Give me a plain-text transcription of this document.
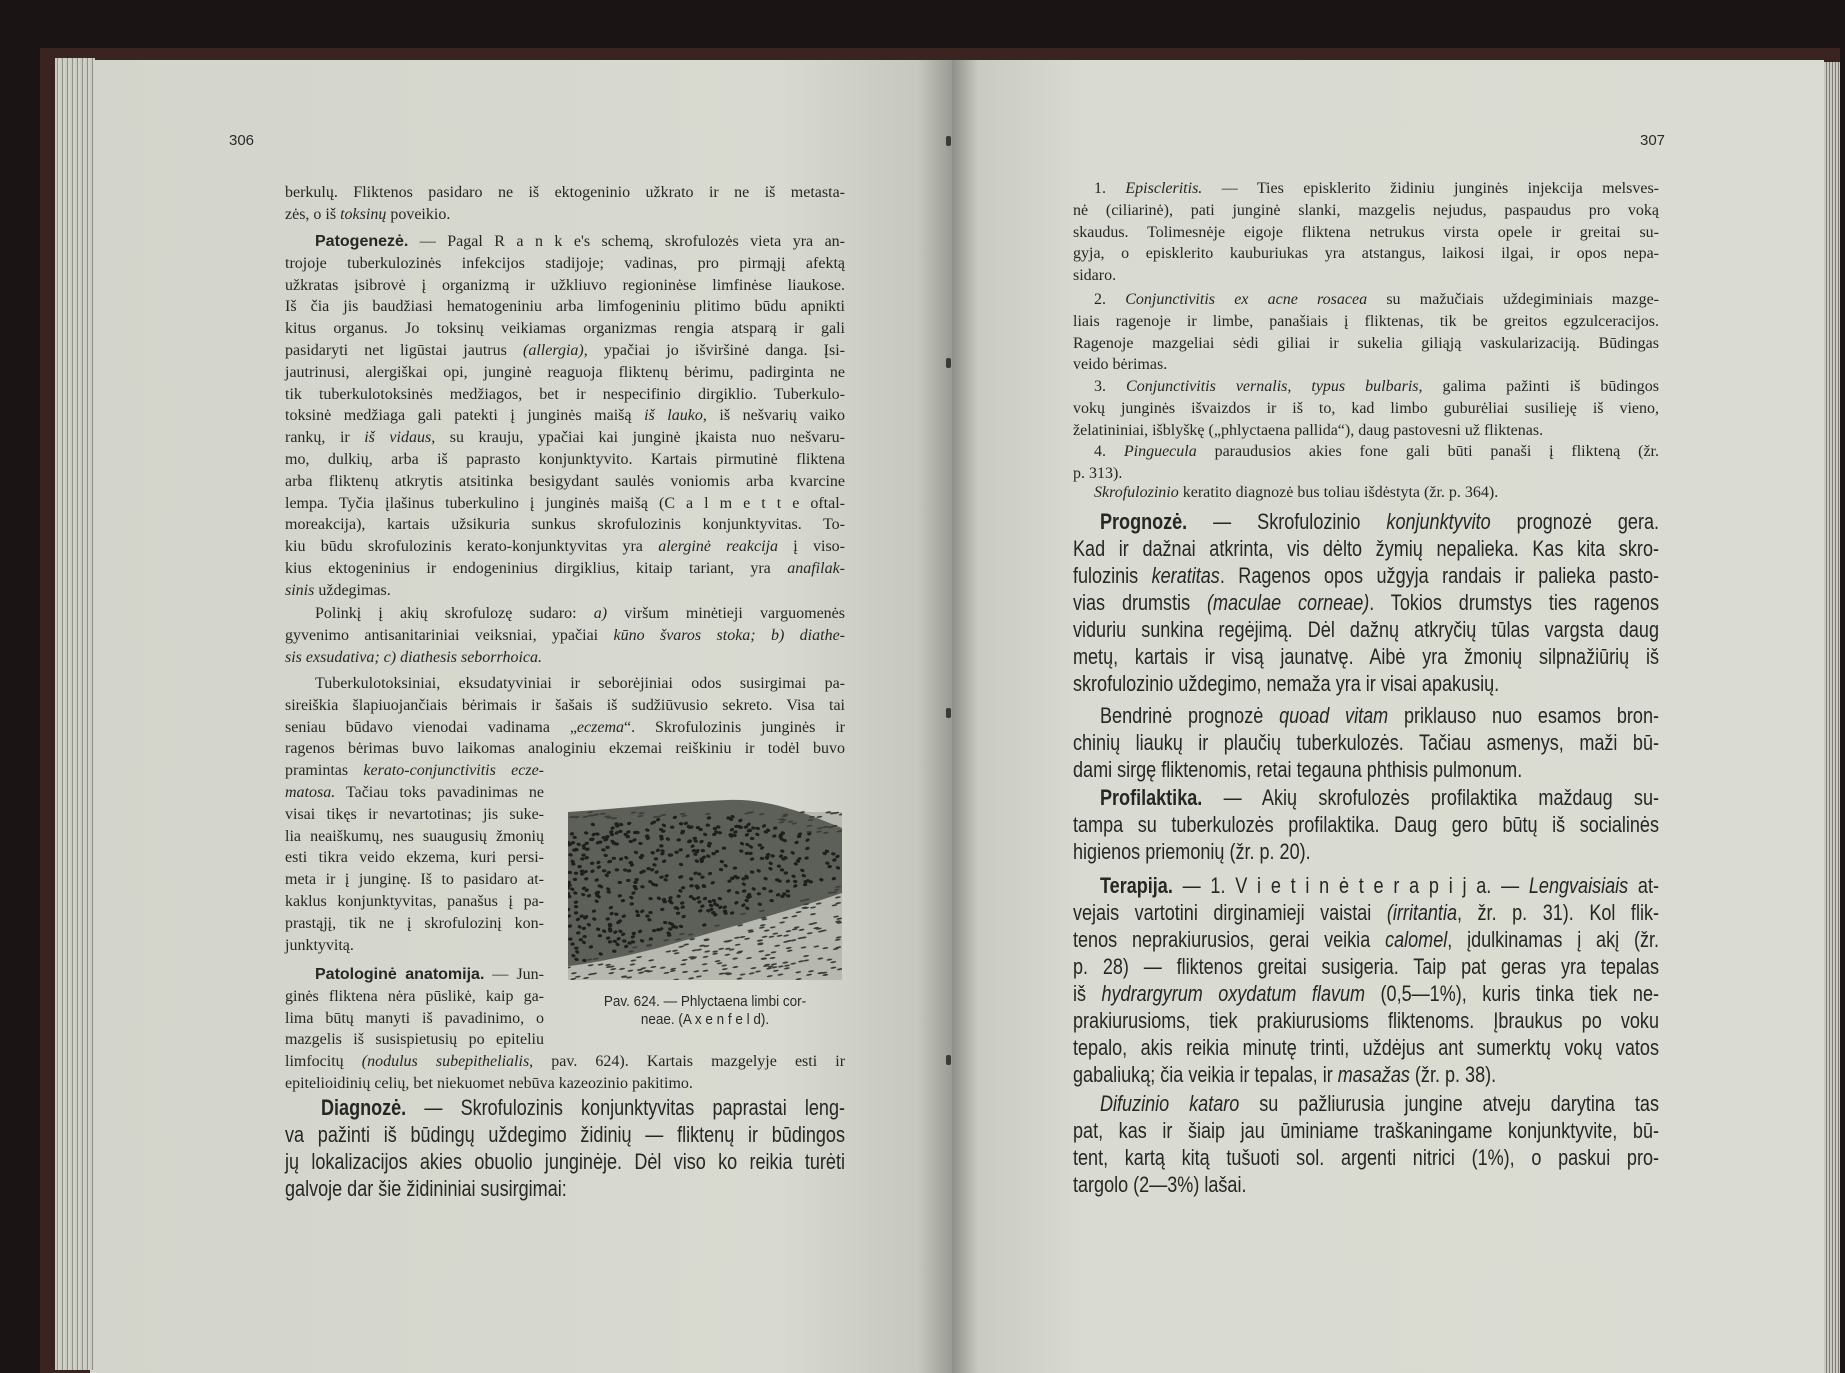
306	307
berkulų. Fliktenos pasidaro ne iš ektogeninio užkrato ir ne iš metasta-
zės, o iš toksinų poveikio.
Patogenezė. — Pagal R a n k e's schemą, skrofulozės vieta yra an-
trojoje tuberkulozinės infekcijos stadijoje; vadinas, pro pirmąjį afektą
užkratas įsibrovė į organizmą ir užkliuvo regioninėse limfinėse liaukose.
Iš čia jis baudžiasi hematogeniniu arba limfogeniniu plitimo būdu apnikti
kitus organus. Jo toksinų veikiamas organizmas rengia atsparą ir gali
pasidaryti net ligūstai jautrus (allergia), ypačiai jo išviršinė danga. Įsi-
jautrinusi, alergiškai opi, junginė reaguoja fliktenų bėrimu, padirginta ne
tik tuberkulotoksinės medžiagos, bet ir nespecifinio dirgiklio. Tuberkulo-
toksinė medžiaga gali patekti į junginės maišą iš lauko, iš nešvarių vaiko
rankų, ir iš vidaus, su krauju, ypačiai kai junginė įkaista nuo nešvaru-
mo, dulkių, arba iš paprasto konjunktyvito. Kartais pirmutinė fliktena
arba fliktenų atkrytis atsitinka besigydant saulės voniomis arba kvarcine
lempa. Tyčia įlašinus tuberkulino į junginės maišą (C a l m e t t e oftal-
moreakcija), kartais užsikuria sunkus skrofulozinis konjunktyvitas. To-
kiu būdu skrofulozinis kerato-konjunktyvitas yra alerginė reakcija į viso-
kius ektogeninius ir endogeninius dirgiklius, kitaip tariant, yra anafilak-
sinis uždegimas.
Polinkį į akių skrofulozę sudaro: a) viršum minėtieji varguomenės
gyvenimo antisanitariniai veiksniai, ypačiai kūno švaros stoka; b) diathe-
sis exsudativa; c) diathesis seborrhoica.
Tuberkulotoksiniai, eksudatyviniai ir seborėjiniai odos susirgimai pa-
sireiškia šlapiuojančiais bėrimais ir šašais iš sudžiūvusio sekreto. Visa tai
seniau būdavo vienodai vadinama „eczema“. Skrofulozinis junginės ir
ragenos bėrimas buvo laikomas analoginiu ekzemai reiškiniu ir todėl buvo
pramintas kerato-conjunctivitis ecze-
matosa. Tačiau toks pavadinimas ne
visai tikęs ir nevartotinas; jis suke-
lia neaiškumų, nes suaugusių žmonių
esti tikra veido ekzema, kuri persi-
meta ir į junginę. Iš to pasidaro at-
kaklus konjunktyvitas, panašus į pa-
prastąjį, tik ne į skrofulozinį kon-
junktyvitą.
Patologinė anatomija. — Jun-
ginės fliktena nėra pūslikė, kaip ga-
lima būtų manyti iš pavadinimo, o
mazgelis iš susispietusių po epiteliu
limfocitų (nodulus subepithelialis, pav. 624). Kartais mazgelyje esti ir
epitelioidinių celių, bet niekuomet nebūva kazeozinio pakitimo.
Diagnozė. — Skrofulozinis konjunktyvitas paprastai leng-
va pažinti iš būdingų uždegimo židinių — fliktenų ir būdingos
jų lokalizacijos akies obuolio junginėje. Dėl viso ko reikia turėti
galvoje dar šie židininiai susirgimai:
1. Episcleritis. — Ties episklerito židiniu junginės injekcija melsves-
nė (ciliarinė), pati junginė slanki, mazgelis nejudus, paspaudus pro voką
skaudus. Tolimesnėje eigoje fliktena netrukus virsta opele ir greitai su-
gyja, o episklerito kauburiukas yra atstangus, laikosi ilgai, ir opos nepa-
sidaro.
2. Conjunctivitis ex acne rosacea su mažučiais uždegiminiais mazge-
liais ragenoje ir limbe, panašiais į fliktenas, tik be greitos egzulceracijos.
Ragenoje mazgeliai sėdi giliai ir sukelia giliąją vaskularizaciją. Būdingas
veido bėrimas.
3. Conjunctivitis vernalis, typus bulbaris, galima pažinti iš būdingos
vokų junginės išvaizdos ir iš to, kad limbo guburėliai susilieję iš vieno,
želatininiai, išblyškę („phlyctaena pallida“), daug pastovesni už fliktenas.
4. Pinguecula paraudusios akies fone gali būti panaši į flikteną (žr.
p. 313).
Skrofulozinio keratito diagnozė bus toliau išdėstyta (žr. p. 364).
Prognozė. — Skrofulozinio konjunktyvito prognozė gera.
Kad ir dažnai atkrinta, vis dėlto žymių nepalieka. Kas kita skro-
fulozinis keratitas. Ragenos opos užgyja randais ir palieka pasto-
vias drumstis (maculae corneae). Tokios drumstys ties ragenos
viduriu sunkina regėjimą. Dėl dažnų atkryčių tūlas vargsta daug
metų, kartais ir visą jaunatvę. Aibė yra žmonių silpnažiūrių iš
skrofulozinio uždegimo, nemaža yra ir visai apakusių.
Bendrinė prognozė quoad vitam priklauso nuo esamos bron-
chinių liaukų ir plaučių tuberkulozės. Tačiau asmenys, maži bū-
dami sirgę fliktenomis, retai tegauna phthisis pulmonum.
Profilaktika. — Akių skrofulozės profilaktika maždaug su-
tampa su tuberkulozės profilaktika. Daug gero būtų iš socialinės
higienos priemonių (žr. p. 20).
Terapija. — 1. V i e t i n ė t e r a p i j a. — Lengvaisiais at-
vejais vartotini dirginamieji vaistai (irritantia, žr. p. 31). Kol flik-
tenos neprakiurusios, gerai veikia calomel, įdulkinamas į akį (žr.
p. 28) — fliktenos greitai susigeria. Taip pat geras yra tepalas
iš hydrargyrum oxydatum flavum (0,5—1%), kuris tinka tiek ne-
prakiurusioms, tiek prakiurusioms fliktenoms. Įbraukus po voku
tepalo, akis reikia minutę trinti, uždėjus ant sumerktų vokų vatos
gabaliuką; čia veikia ir tepalas, ir masažas (žr. p. 38).
Difuzinio kataro su pažliurusia jungine atveju darytina tas
pat, kas ir šiaip jau ūminiame traškaningame konjunktyvite, bū-
tent, kartą kitą tušuoti sol. argenti nitrici (1%), o paskui pro-
targolo (2—3%) lašai.
Pav. 624. — Phlyctaena limbi cor-
neae. (A x e n f e l d).
